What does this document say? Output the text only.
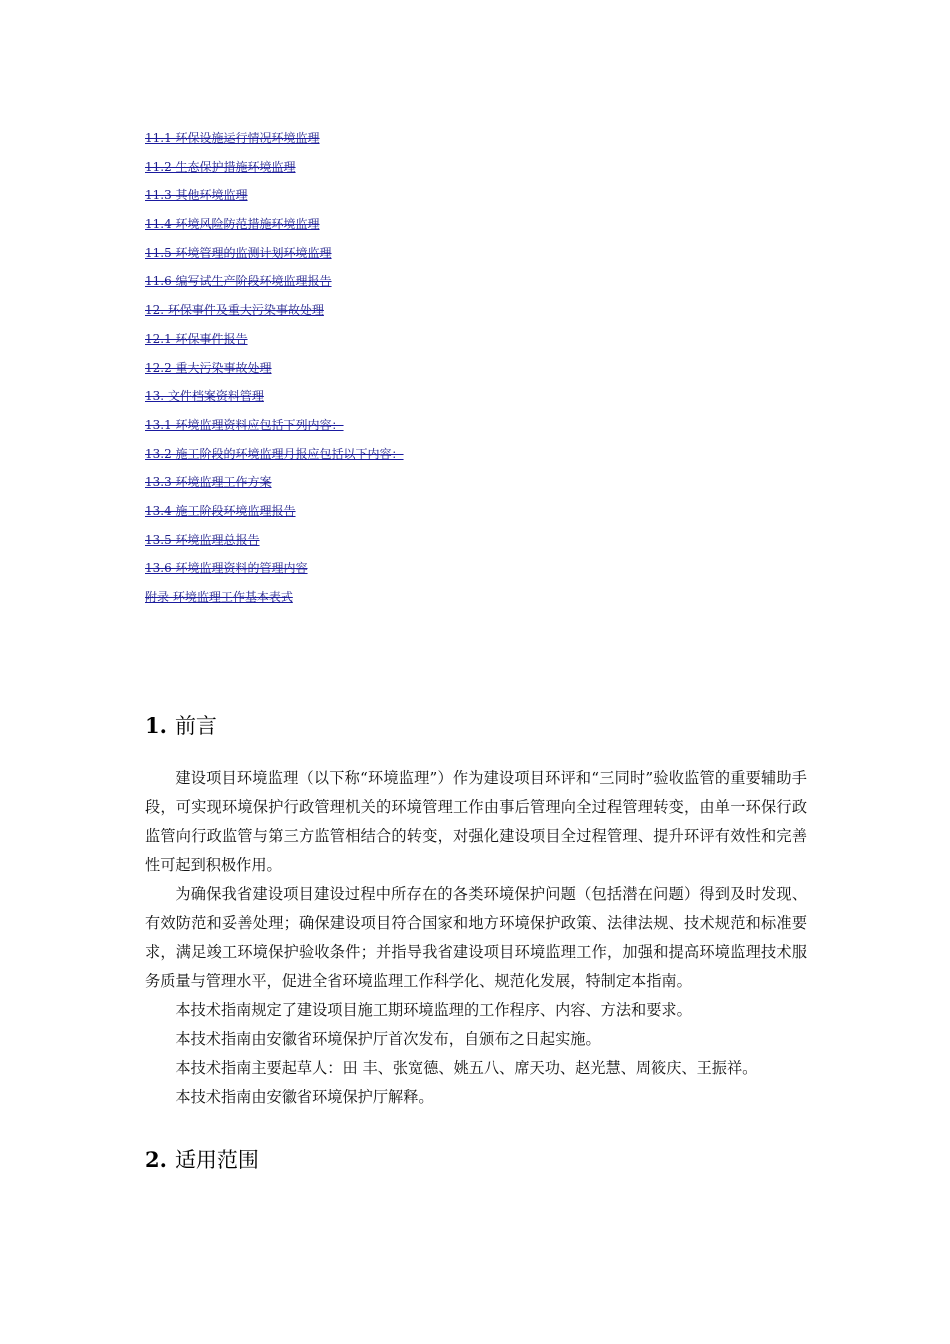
11.1 环保设施运行情况环境监理
11.2 生态保护措施环境监理
11.3 其他环境监理
11.4 环境风险防范措施环境监理
11.5 环境管理的监测计划环境监理
11.6 编写试生产阶段环境监理报告
12. 环保事件及重大污染事故处理
12.1 环保事件报告
12.2 重大污染事故处理
13. 文件档案资料管理
13.1 环境监理资料应包括下列内容：
13.2 施工阶段的环境监理月报应包括以下内容：
13.3 环境监理工作方案
13.4 施工阶段环境监理报告
13.5 环境监理总报告
13.6 环境监理资料的管理内容
附录 环境监理工作基本表式
1. 前言

建设项目环境监理（以下称“环境监理”）作为建设项目环评和“三同时”验收监管的重要辅助手段，可实现环境保护行政管理机关的环境管理工作由事后管理向全过程管理转变，由单一环保行政监管向行政监管与第三方监管相结合的转变，对强化建设项目全过程管理、提升环评有效性和完善性可起到积极作用。

为确保我省建设项目建设过程中所存在的各类环境保护问题（包括潜在问题）得到及时发现、有效防范和妥善处理；确保建设项目符合国家和地方环境保护政策、法律法规、技术规范和标准要求，满足竣工环境保护验收条件；并指导我省建设项目环境监理工作，加强和提高环境监理技术服务质量与管理水平，促进全省环境监理工作科学化、规范化发展，特制定本指南。

本技术指南规定了建设项目施工期环境监理的工作程序、内容、方法和要求。

本技术指南由安徽省环境保护厅首次发布，自颁布之日起实施。

本技术指南主要起草人：田 丰、张宽德、姚五八、席天功、赵光慧、周筱庆、王振祥。

本技术指南由安徽省环境保护厅解释。

2. 适用范围
